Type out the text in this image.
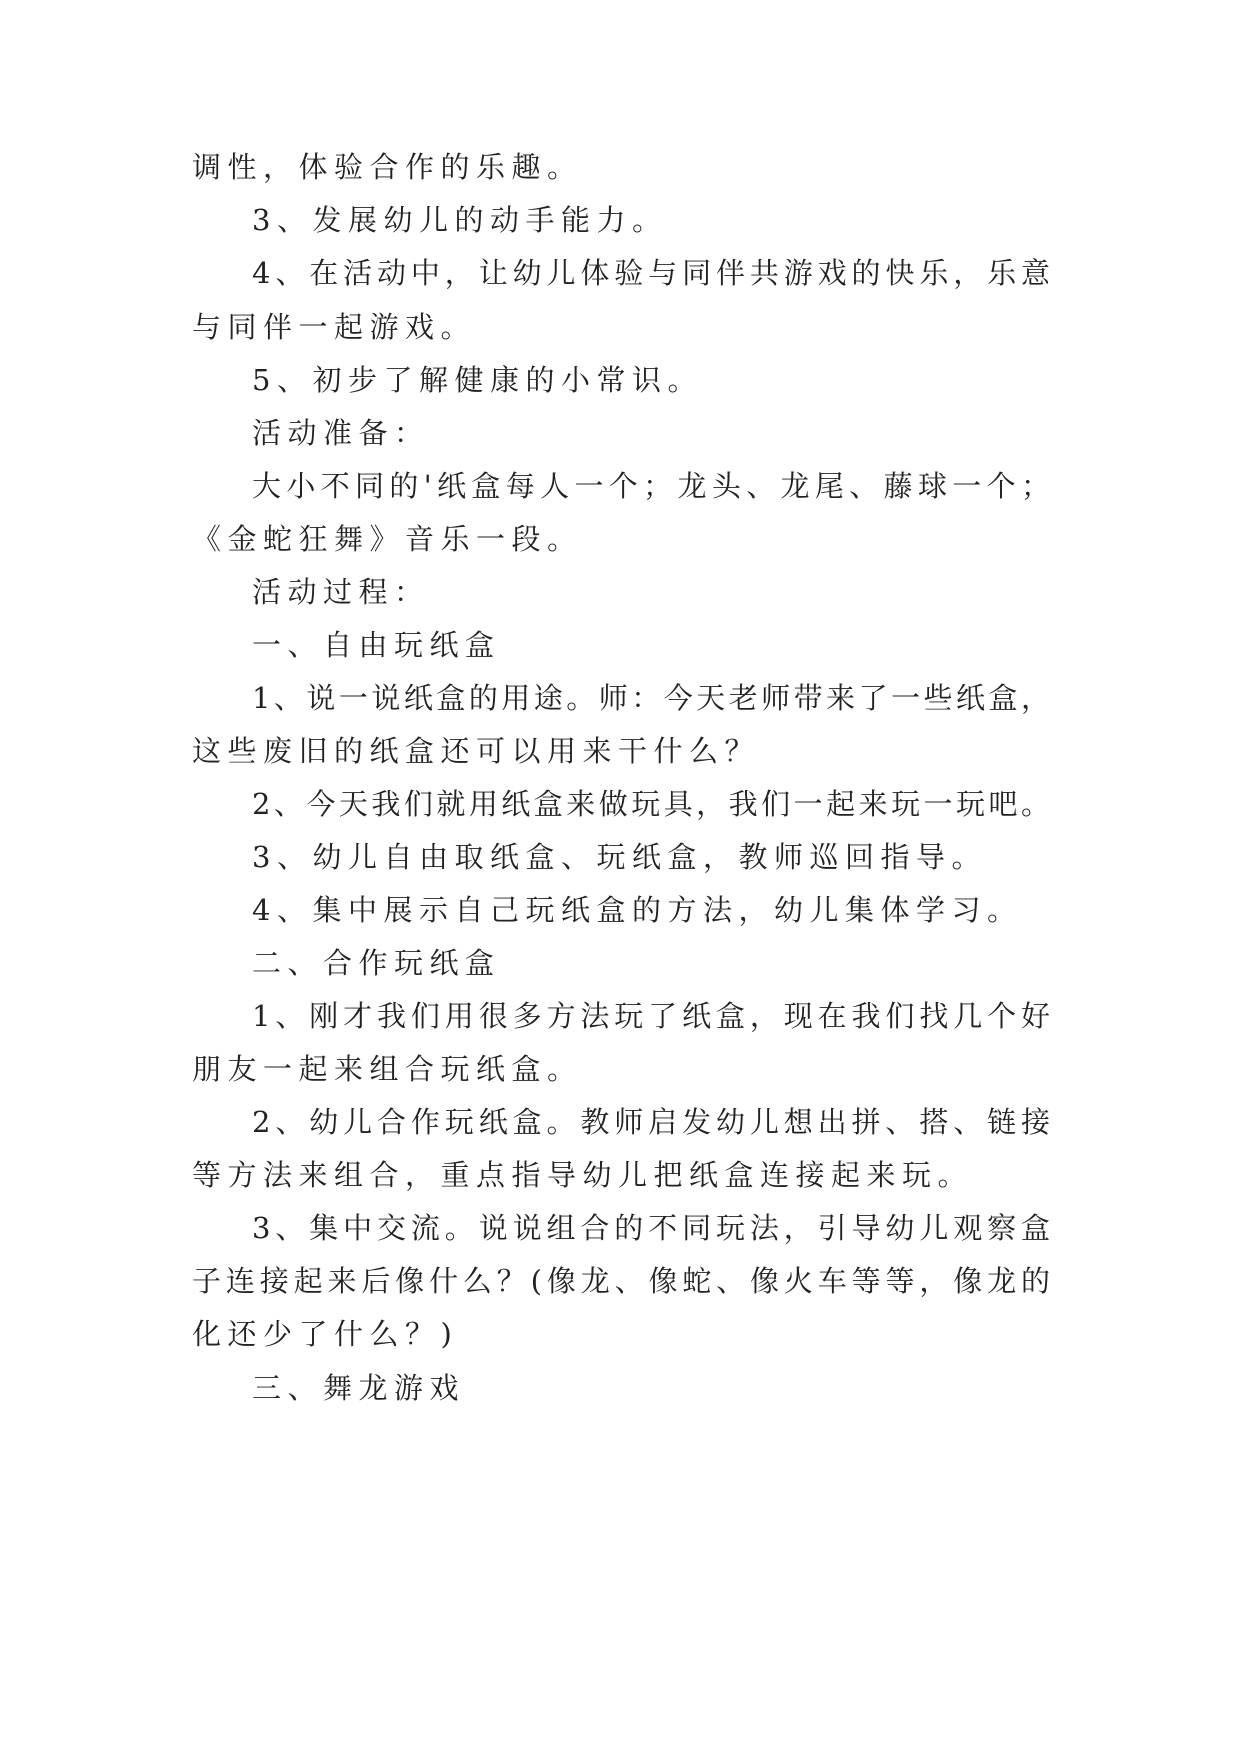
调性，体验合作的乐趣。
3、发展幼儿的动手能力。
4、在活动中，让幼儿体验与同伴共游戏的快乐，乐意
与同伴一起游戏。
5、初步了解健康的小常识。
活动准备：
大小不同的'纸盒每人一个；龙头、龙尾、藤球一个；
《金蛇狂舞》音乐一段。
活动过程：
一、自由玩纸盒
1、说一说纸盒的用途。师：今天老师带来了一些纸盒，
这些废旧的纸盒还可以用来干什么？
2、今天我们就用纸盒来做玩具，我们一起来玩一玩吧。
3、幼儿自由取纸盒、玩纸盒，教师巡回指导。
4、集中展示自己玩纸盒的方法，幼儿集体学习。
二、合作玩纸盒
1、刚才我们用很多方法玩了纸盒，现在我们找几个好
朋友一起来组合玩纸盒。
2、幼儿合作玩纸盒。教师启发幼儿想出拼、搭、链接
等方法来组合，重点指导幼儿把纸盒连接起来玩。
3、集中交流。说说组合的不同玩法，引导幼儿观察盒
子连接起来后像什么？(像龙、像蛇、像火车等等，像龙的
化还少了什么？)
三、舞龙游戏
